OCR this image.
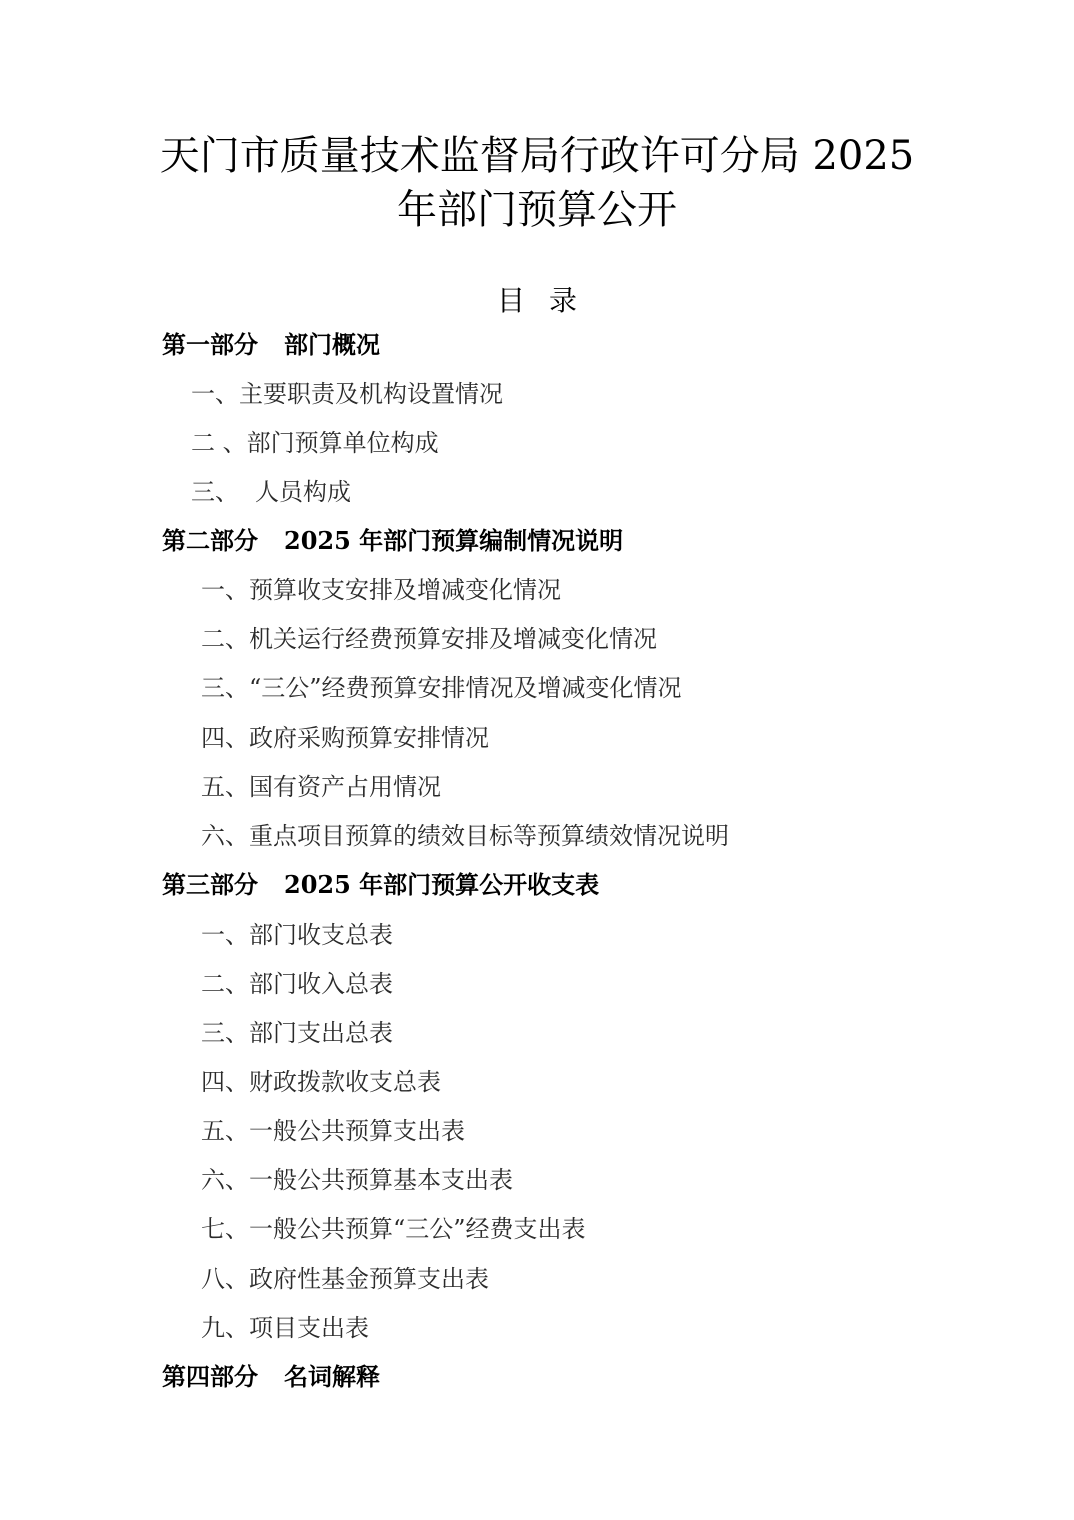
天门市质量技术监督局行政许可分局 2025
年部门预算公开
目 录
第一部分 部门概况
一、主要职责及机构设置情况
二 、部门预算单位构成
三、 人员构成
第二部分 2025 年部门预算编制情况说明
一、预算收支安排及增减变化情况
二、机关运行经费预算安排及增减变化情况
三、“三公”经费预算安排情况及增减变化情况
四、政府采购预算安排情况
五、国有资产占用情况
六、重点项目预算的绩效目标等预算绩效情况说明
第三部分 2025 年部门预算公开收支表
一、部门收支总表
二、部门收入总表
三、部门支出总表
四、财政拨款收支总表
五、一般公共预算支出表
六、一般公共预算基本支出表
七、一般公共预算“三公”经费支出表
八、政府性基金预算支出表
九、项目支出表
第四部分 名词解释
